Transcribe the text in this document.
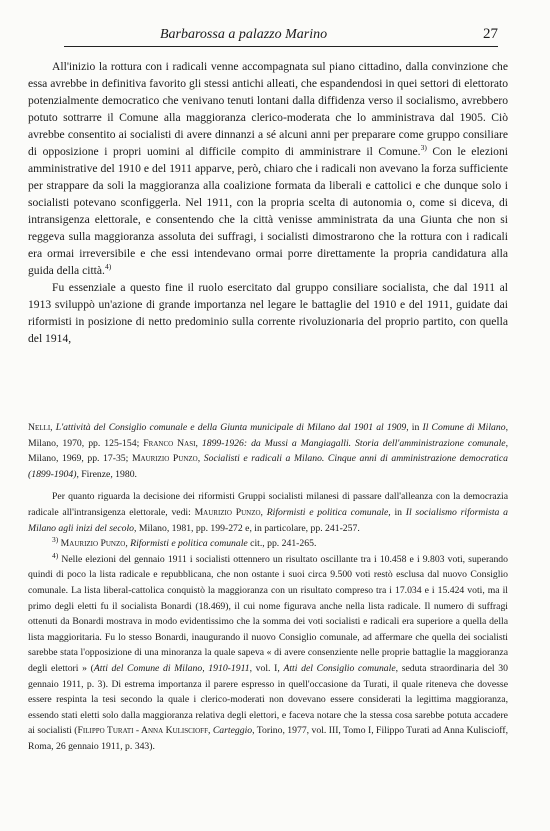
Barbarossa a palazzo Marino	27

All'inizio la rottura con i radicali venne accompagnata sul piano cittadino, dalla convinzione che essa avrebbe in definitiva favorito gli stessi antichi alleati, che espandendosi in quei settori di elettorato potenzialmente democratico che venivano tenuti lontani dalla diffidenza verso il socialismo, avrebbero potuto sottrarre il Comune alla maggioranza clerico-moderata che lo amministrava dal 1905. Ciò avrebbe consentito ai socialisti di avere dinnanzi a sé alcuni anni per preparare come gruppo consiliare di opposizione i propri uomini al difficile compito di amministrare il Comune.$^{3)}$ Con le elezioni amministrative del 1910 e del 1911 apparve, però, chiaro che i radicali non avevano la forza sufficiente per strappare da soli la maggioranza alla coalizione formata da liberali e cattolici e che dunque solo i socialisti potevano sconfiggerla. Nel 1911, con la propria scelta di autonomia o, come si diceva, di intransigenza elettorale, e consentendo che la città venisse amministrata da una Giunta che non si reggeva sulla maggioranza assoluta dei suffragi, i socialisti dimostrarono che la rottura con i radicali era ormai irreversibile e che essi intendevano ormai porre direttamente la propria candidatura alla guida della città.$^{4)}$

Fu essenziale a questo fine il ruolo esercitato dal gruppo consiliare socialista, che dal 1911 al 1913 sviluppò un'azione di grande importanza nel legare le battaglie del 1910 e del 1911, guidate dai riformisti in posizione di netto predominio sulla corrente rivoluzionaria del proprio partito, con quella del 1914,

Nelli, L'attività del Consiglio comunale e della Giunta municipale di Milano dal 1901 al 1909, in Il Comune di Milano, Milano, 1970, pp. 125-154; Franco Nasi, 1899-1926: da Mussi a Mangiagalli. Storia dell'amministrazione comunale, Milano, 1969, pp. 17-35; Maurizio Punzo, Socialisti e radicali a Milano. Cinque anni di amministrazione democratica (1899-1904), Firenze, 1980.

Per quanto riguarda la decisione dei riformisti Gruppi socialisti milanesi di passare dall'alleanza con la democrazia radicale all'intransigenza elettorale, vedi: Maurizio Punzo, Riformisti e politica comunale, in Il socialismo riformista a Milano agli inizi del secolo, Milano, 1981, pp. 199-272 e, in particolare, pp. 241-257.

$^{3)}$ Maurizio Punzo, Riformisti e politica comunale cit., pp. 241-265.

$^{4)}$ Nelle elezioni del gennaio 1911 i socialisti ottennero un risultato oscillante tra i 10.458 e i 9.803 voti, superando quindi di poco la lista radicale e repubblicana, che non ostante i suoi circa 9.500 voti restò esclusa dal nuovo Consiglio comunale. La lista liberal-cattolica conquistò la maggioranza con un risultato compreso tra i 17.034 e i 15.424 voti, ma il primo degli eletti fu il socialista Bonardi (18.469), il cui nome figurava anche nella lista radicale. Il numero di suffragi ottenuti da Bonardi mostrava in modo evidentissimo che la somma dei voti socialisti e radicali era superiore a quella della lista maggioritaria. Fu lo stesso Bonardi, inaugurando il nuovo Consiglio comunale, ad affermare che quella dei socialisti sarebbe stata l'opposizione di una minoranza la quale sapeva « di avere consenziente nelle proprie battaglie la maggioranza degli elettori » (Atti del Comune di Milano, 1910-1911, vol. I, Atti del Consiglio comunale, seduta straordinaria del 30 gennaio 1911, p. 3). Di estrema importanza il parere espresso in quell'occasione da Turati, il quale riteneva che dovesse essere respinta la tesi secondo la quale i clerico-moderati non dovevano essere considerati la legittima maggioranza, essendo stati eletti solo dalla maggioranza relativa degli elettori, e faceva notare che la stessa cosa sarebbe potuta accadere ai socialisti (Filippo Turati - Anna Kuliscioff, Carteggio, Torino, 1977, vol. III, Tomo I, Filippo Turati ad Anna Kuliscioff, Roma, 26 gennaio 1911, p. 343).
